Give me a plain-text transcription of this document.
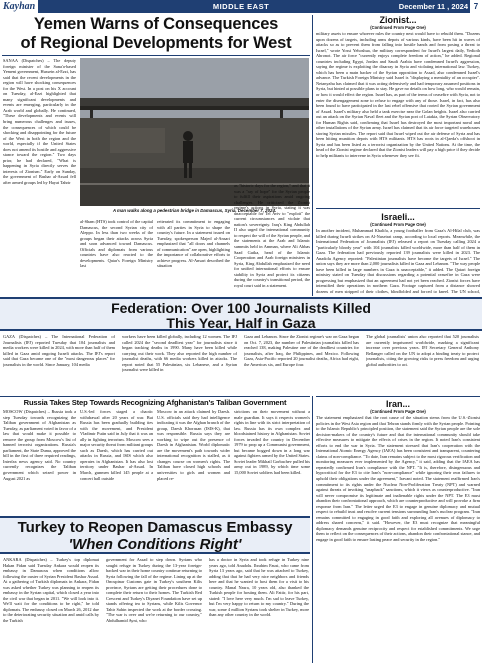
Kayhan	MIDDLE EAST	December 11 , 2024 7
Yemen Warns of Consequences
of Regional Developments for West
SANAA (Dispatches) – The deputy foreign minister of the Sana'a-based Yemeni government, Hussein al-Ezzi, has said that the recent developments in the region will have shocking consequences for the West. In a post on his X account on Tuesday, al-Ezzi highlighted that many significant developments and events are emerging, particularly in the Arab world and globally. He continued, "These developments and events will bring numerous challenges and issues, the consequences of which could be shocking and disappointing for the future of the West in both the region and the world, especially if the United States does not amend its hostile and aggressive stance toward the region." Two days prior, he had declared, "What is happening in Syria directly serves the interests of Zionism." Early on Sunday, the government of Bashar al-Assad fell after armed groups led by Hayat Tahrir
A man walks along a pedestrian bridge in Damascus, Syria, December 7, 2024.
al-Sham (HTS) took control of the capital Damascus, the second Syrian city of Aleppo. In less than two weeks of the groups began their attacks across Syria and soon advanced toward Damascus. Officials and diplomats from various countries have also reacted to the developments. Qatar's Foreign Ministry last
reiterated its commitment to engaging with all parties in Syria to shape the country's future. In a statement issued on Tuesday, spokesperson Majed al-Ansari emphasized that "all doors and channels of communication" are open, highlighting the importance of collaborative efforts to achieve progress. Al-Ansari described the situation
as "historic days for the region," and that it was a "ray of hope" for the Syrian people to fulfill their aspirations amid ongoing challenges. He criticized the Zionist regime's actions in Syria, stating it was unacceptable for Tel Aviv to "exploit" the current circumstances and violate that nation's sovereignty. Iraq's King Abdullah II also urged the international community to respect the will of the Syrian people, and the statements at the Arab and Islamic summits held in Amman, where Ali Abbas Saad Gutka, head of the Islamic Cooperation and Arab foreign ministers in Syria, King Abdullah emphasized the need for unified international efforts to ensure stability in Syria and protect its citizens during the country's transitional period, the royal court said in a statement.
Federation: Over 100 Journalists Killed
This Year, Half in Gaza
GAZA (Dispatches) – The International Federation of Journalists (IFJ) reported Tuesday that 104 journalists and media workers were killed in 2024, with more than half of them killed in Gaza amid ongoing Israeli attacks. The IFJ's report said that Gaza became one of the "most dangerous places" for journalists in the world. Since January, 104 media
workers have been killed globally, including 12 women. The IFJ called 2024 the "second deadliest year" for journalists since it began tracking deaths in 1990. Many have been killed while carrying out their work. They also reported the high number of journalist deaths, with 66 media workers killed in attacks. The report noted that 55 Palestinian, six Lebanese, and a Syrian journalist were killed in
Gaza and Lebanon. Since the Zionist regime's war on Gaza began on Oct. 7, 2023, the number of Palestinian journalists killed has reached 138, making Palestine one of the deadliest countries for journalists, after Iraq, the Philippines, and Mexico. Following Gaza, Asia-Pacific reported 20 journalist deaths, Africa had eight, the Americas six, and Europe four.
The global journalists' union also reported that 520 journalists are currently imprisoned worldwide, marking a significant increase over previous years. IFJ Secretary General Anthony Bellanger called on the UN to adopt a binding treaty to protect journalists, citing the growing risks to press freedom and urging global authorities to act.
Russia Takes Step Towards Recognizing Afghanistan's Taliban Government
MOSCOW (Dispatches) – Russia took a step Tuesday towards recognizing the Taliban government of Afghanistan as Tuesday, as parliament voted in favor of a law that would make it possible to remove the group from Moscow's list of banned terrorist organizations. Russia's parliament, the State Duma, approved the bill in the first of three required readings, Interfax news agency said. No country currently recognizes the Taliban government which seized power in August 2021 as
U.S.-led forces staged a chaotic withdrawal after 20 years of war. But Russia has been gradually building ties with the movement, and President Vladimir Putin said in July that it was an ally in fighting terrorism. Moscow sees a major security threat from militant groups such as Daesh, which has carried out attacks in Russia, and ISIS which also operates in Afghanistan. It has also lost territory under Bashar al-Assad. In March, gunmen killed 145 people at a concert hall outside
Moscow in an attack claimed by Daesh. U.S. officials said they had intelligence indicating it was the Afghan branch of the group, Daesh Khorasan (ISIS-K), that was responsible. Russia says they are working to wipe out the presence of Daesh in Afghanistan. World diplomatic are the movement's path towards wider international recognition is stalled, as it changes course on women's rights. The Taliban have closed high schools and universities to girls and women and placed re-
strictions on their movement without a male guardian. It says it respects women's rights in line with its strict interpretation of law. Russia has its own complex and bloodstained history in Afghanistan. Soviet forces invaded the country in December 1979 to prop up a Communist government, but became bogged down in a long war against fighters armed by the United States. Soviet leader Mikhail Gorbachev pulled his army out in 1989, by which time some 15,000 Soviet soldiers had been killed.
Turkey to Reopen Damascus Embassy
'When Conditions Right'
ANKARA (Dispatches) – Turkey's top diplomat Hakan Fidan said Tuesday Ankara would reopen its embassy in Damascus when conditions allow following the ouster of Syrian President Bashar Assad. At a gathering of Turkish diplomats in Ankara, Fidan was asked whether Turkey was planning to reopen its embassy in the Syrian capital, which closed a year into the civil war that began in 2011. "We will look into it. We'll wait for the conditions to be right," he told diplomats. The embassy closed on March 26, 2012 due to the deteriorating security situation and amid calls by the Turkish
government for Assad to step down. Syrians who sought refuge in Turkey during the 13-year foreign-backed war in their home country continue returning to Syria following the fall of the regime. Lining up at the Oncupinar Customs gate in Turkey's southern Kilis province, Syrians are getting their procedures done to complete their return to their homes. The Turkish Red Crescent and Turkey's Diyanet Foundation have set up stands offering tea to Syrians, while Kilis Governor Tahir Sahin inspected the work at the border crossing. "The war is over and we're returning to our country," Abdulhamid Ayni, who
has a doctor in Syria and took refuge in Turkey nine years ago, told Anadolu. Ibrahim Faust, who came from Syria 13 years ago, said that he was attached to Turkey, adding that that he had very nice neighbors and friends here and that he wanted to host them for a visit to his country. Manal Nasra, 10 years old, also thanked the Turkish people for hosting them. Ali Fattir, for his part, stated: "I love here very much. I'm sad to leave Turkey, but I'm very happy to return to my country." During the war, some 4 million Syrians took shelter in Turkey, more than any other country in the world.
Zionist...
(Continued From Page One)
military assets to ensure whoever rules the country next would have to rebuild them. "Dozens upon dozens of targets, including arms depots of various kinds, have been hit in waves of attacks so as to prevent them from falling into hostile hands and from posing a threat to Israel," wrote Yossi Yehoshua, the military correspondent for Israel's largest daily, Yedioth Ahronot. The air force "currently enjoys complete freedom of action," he added. Regional countries including Egypt, Jordan and Saudi Arabia have condemned Israel's aggression, saying the regime is exploiting the disarray in Syria and violating international law. Turkey, which has been a main backer of the Syrian opposition to Assad, also condemned Israel's advance. The Turkish Foreign Ministry said Israel is "displaying a mentality of an occupier". Netanyahu has claimed that it was acting defensively and had temporary assumed positions in Syria, but hinted at possible plans to stay. He gave no details on how long, who would remain, or how it would effect the region. Israel has, as part of the terms of ceasefire with Syria, not to enter the disengagement zone to refuse to engage with any of those. Israel, in fact, has also been found to have participated in the last rebel offensive that rooted the Syrian government of Assad. Israel's military also held a tank exercise near the Golan heights. Israel also carried out an attack on the Syrian Naval fleet and the Syrian port of Latakia, the Syrian Observatory for Human Rights said, confirming that Israel has destroyed the most important naval and other installations of the Syrian army. Israel has claimed that its air force targeted warehouses storing Syrian missiles. The report said that Israel wiped out the air defense of Syria and has been hitting munition depots with HTS militants. HTS has roots in al-Qaeda's offshoot in Syria and has been listed as a terrorist organization by the United Nations. At the time, the head of the Zionist regime declared that the Zionist leaders will pay a high price if they decide to help militants to intervene in Syria whenever they see fit.
Israeli...
(Continued From Page One)
In another incident, Muhammad Khalifa, a young footballer from Gaza's Al-Hilal club, was killed during Israeli strikes on Al-Nuseirat camp, according to local reports. Meanwhile, the International Federation of Journalists (IFJ) released a report on Tuesday calling 2024 a "particularly bloody year" with 104 journalists killed worldwide, more than half of them in Gaza. The federation had previously reported 139 journalists were killed in 2023. The Anadolu Agency reported: "Palestinian journalists have become the targets of Israel." The union says they are more than 2,000 journalists killed in Gaza and Lebanon. "The way people have been killed in large numbers in Gaza is unacceptable," it added. The Qatari foreign ministry stated on Tuesday that discussions regarding a potential ceasefire in Gaza were progressing but emphasized that an agreement had not yet been reached. Zionist forces have intensified their operations in northern Gaza. Footage captured from a distance showed dozens of men stripped of their clothes, blindfolded and forced to kneel. The UN school,
Iran...
(Continued From Page One)
The statement emphasized that the root cause of the situation stems from the U.S.-Zionist policies in the West Asia region and that Tehran stands firmly with the Syrian people. Pointing to the Islamic Republic's principled position, the statement said the Syrian people are the sole decision-makers of the country's future and that the international community should take effective measures to mitigate the effects of crises in the region. It noted Iran's consistent efforts to end the war in Syria. The statement stressed that Iran's cooperation with the International Atomic Energy Agency (IAEA) has been consistent and transparent, countering claims of non-compliance. "To date, Iran remains subject to the most rigorous verification and monitoring measures ever implemented by the Agency," it said, adding that the IAEA has repeatedly confirmed Iran's compliance with the NPT. "It is, therefore, disingenuous and hypocritical for the E3 to cite Iran's "non-compliance" while ignoring their own failures to uphold their obligations under the agreement," Iravani noted. The statement reaffirmed Iran's commitment to its rights under the Nuclear Non-Proliferation Treaty (NPT) and warned against threats of invoking "snapback" sanctions, which it views as counterproductive. "Iran will never compromise its legitimate and inalienable rights under the NPT. The E3 must abandon their confrontational approach, which are counterproductive and will provoke a firm response from Iran." The letter urged the E3 to engage in genuine diplomacy and mutual respect to rebuild trust and resolve current tensions surrounding Iran's nuclear program. "Iran remains committed to engaging in good faith and exploring all avenues of diplomacy to address shared concerns," it said. "However, the E3 must recognize that meaningful diplomacy demands genuine reciprocity and respect for established commitments. We urge them to reflect on the consequences of their actions, abandon their confrontational stance, and engage in good faith to ensure lasting peace and security in the region."
